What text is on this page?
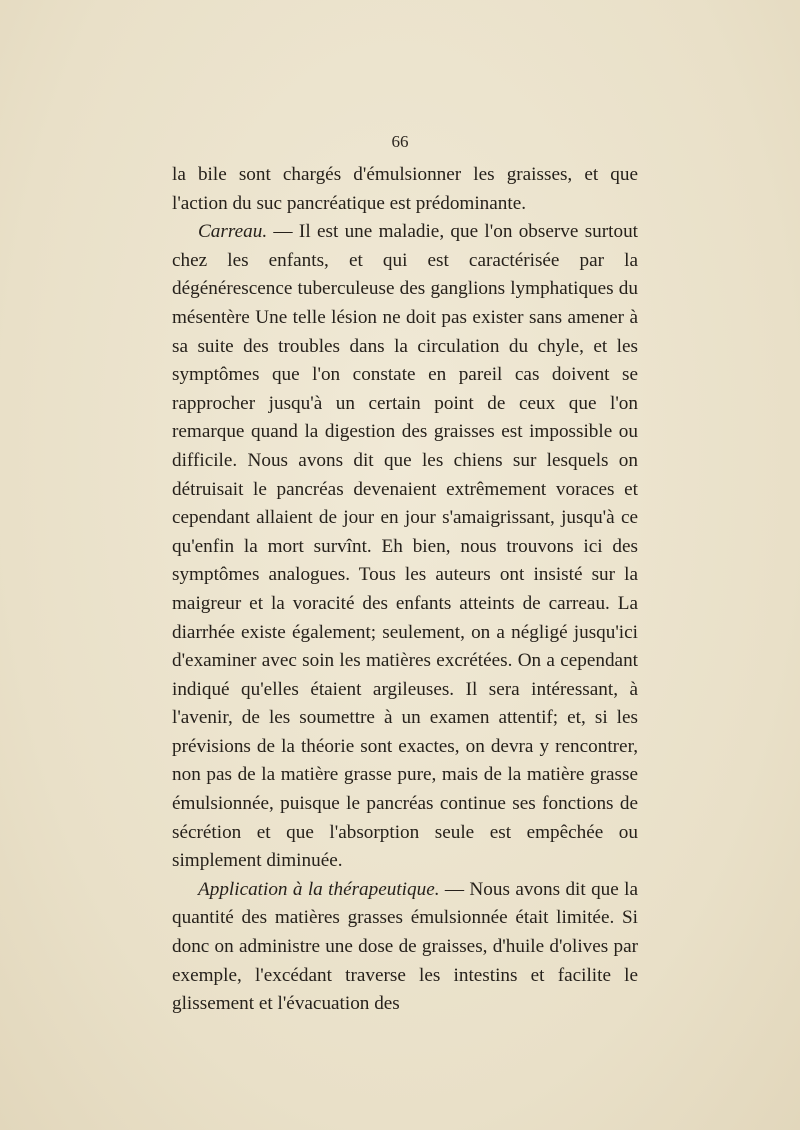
66

la bile sont chargés d'émulsionner les graisses, et que l'action du suc pancréatique est prédominante.

Carreau. — Il est une maladie, que l'on observe surtout chez les enfants, et qui est caractérisée par la dégénérescence tuberculeuse des ganglions lymphatiques du mésentère Une telle lésion ne doit pas exister sans amener à sa suite des troubles dans la circulation du chyle, et les symptômes que l'on constate en pareil cas doivent se rapprocher jusqu'à un certain point de ceux que l'on remarque quand la digestion des graisses est impossible ou difficile. Nous avons dit que les chiens sur lesquels on détruisait le pancréas devenaient extrêmement voraces et cependant allaient de jour en jour s'amaigrissant, jusqu'à ce qu'enfin la mort survînt. Eh bien, nous trouvons ici des symptômes analogues. Tous les auteurs ont insisté sur la maigreur et la voracité des enfants atteints de carreau. La diarrhée existe également; seulement, on a négligé jusqu'ici d'examiner avec soin les matières excrétées. On a cependant indiqué qu'elles étaient argileuses. Il sera intéressant, à l'avenir, de les soumettre à un examen attentif; et, si les prévisions de la théorie sont exactes, on devra y rencontrer, non pas de la matière grasse pure, mais de la matière grasse émulsionnée, puisque le pancréas continue ses fonctions de sécrétion et que l'absorption seule est empêchée ou simplement diminuée.

Application à la thérapeutique. — Nous avons dit que la quantité des matières grasses émulsionnée était limitée. Si donc on administre une dose de graisses, d'huile d'olives par exemple, l'excédant traverse les intestins et facilite le glissement et l'évacuation des
